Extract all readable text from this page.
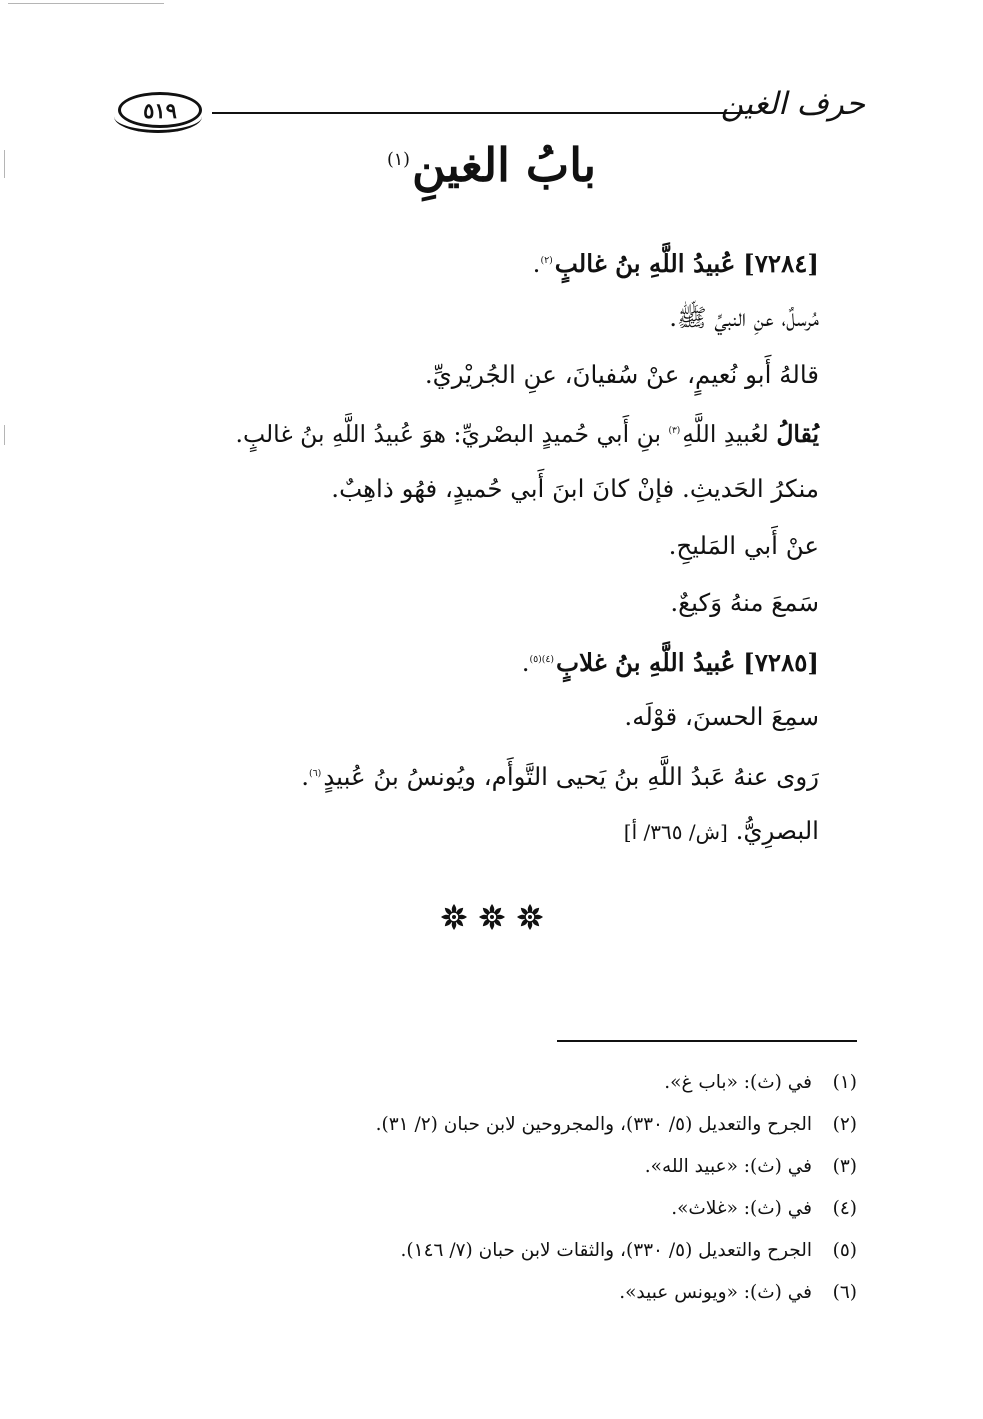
٥١٩	حرف الغين
بابُ الغينِ$^{(١)}$
[٧٢٨٤] عُبيدُ اللَّهِ بنُ غالبٍ$^{(٢)}$.
مُرسلٌ، عنِ النبيِّ ﷺ.
قالهُ أَبو نُعيمٍ، عنْ سُفيانَ، عنِ الجُريْريِّ.
يُقالُ لعُبيدِ اللَّهِ$^{(٣)}$ بنِ أَبي حُميدٍ البصْريِّ: هوَ عُبيدُ اللَّهِ بنُ غالبٍ.
منكرُ الحَديثِ. فإنْ كانَ ابنَ أَبي حُميدٍ، فهُو ذاهِبٌ.
عنْ أَبي المَليحِ.
سَمعَ منهُ وَكيعٌ.
[٧٢٨٥] عُبيدُ اللَّهِ بنُ غلابٍ$^{(٤)(٥)}$.
سمِعَ الحسنَ، قوْلَه.
رَوى عنهُ عَبدُ اللَّهِ بنُ يَحيى التَّوأَم، ويُونسُ بنُ عُبيدٍ$^{(٦)}$.
البصرِيُّ. [ش/ ٣٦٥/ أ]
(١)
في (ث): «باب غ».
(٢)
الجرح والتعديل (٥/ ٣٣٠)، والمجروحين لابن حبان (٢/ ٣١).
(٣)
في (ث): «عبيد الله».
(٤)
في (ث): «غلاث».
(٥)
الجرح والتعديل (٥/ ٣٣٠)، والثقات لابن حبان (٧/ ١٤٦).
(٦)
في (ث): «ويونس عبيد».
